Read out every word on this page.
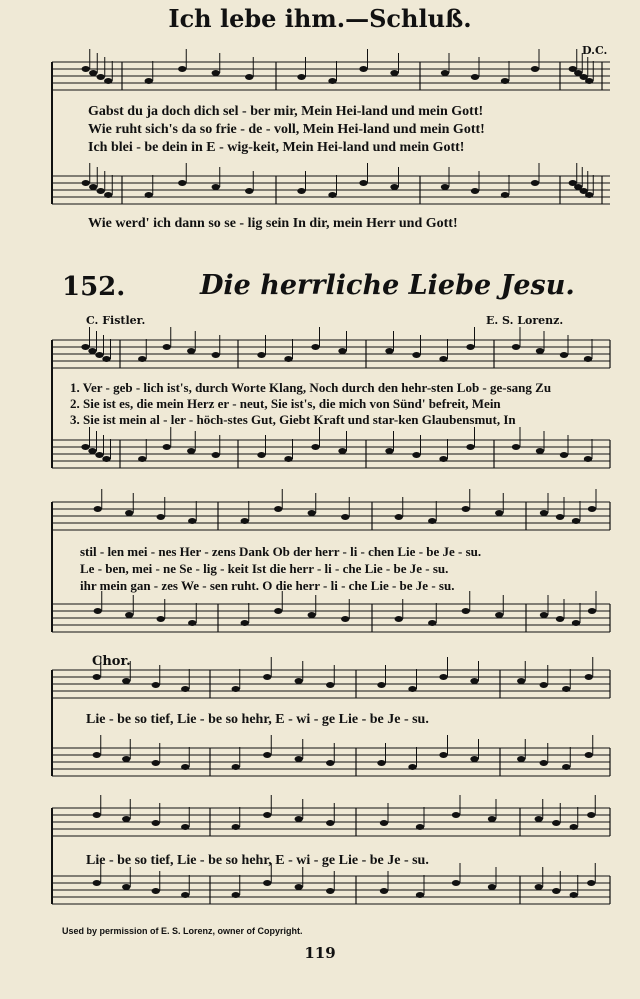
Ich lebe ihm.—Schluß.
D.C.
Gabst du ja doch dich sel - ber mir, Mein Hei-land und mein Gott!
Wie ruht sich's da so frie - de - voll, Mein Hei-land und mein Gott!
Ich blei - be dein in E - wig-keit, Mein Hei-land und mein Gott!
Wie werd' ich dann so se - lig sein In dir, mein Herr und Gott!
152.	Die herrliche Liebe Jesu.
C. Fistler.	E. S. Lorenz.
1. Ver - geb - lich ist's, durch Worte Klang, Noch durch den hehr-sten Lob - ge-sang Zu
2. Sie ist es, die mein Herz er - neut, Sie ist's, die mich von Sünd' befreit, Mein
3. Sie ist mein al - ler - höch-stes Gut, Giebt Kraft und star-ken Glaubensmut, In
stil - len mei - nes Her - zens Dank Ob der herr - li - chen Lie - be Je - su.
Le - ben, mei - ne Se - lig - keit Ist die herr - li - che Lie - be Je - su.
ihr mein gan - zes We - sen ruht. O die herr - li - che Lie - be Je - su.
Chor.
Lie - be so tief, Lie - be so hehr, E - wi - ge Lie - be Je - su.
Lie - be so tief, Lie - be so hehr, E - wi - ge Lie - be Je - su.
Used by permission of E. S. Lorenz, owner of Copyright.
119
